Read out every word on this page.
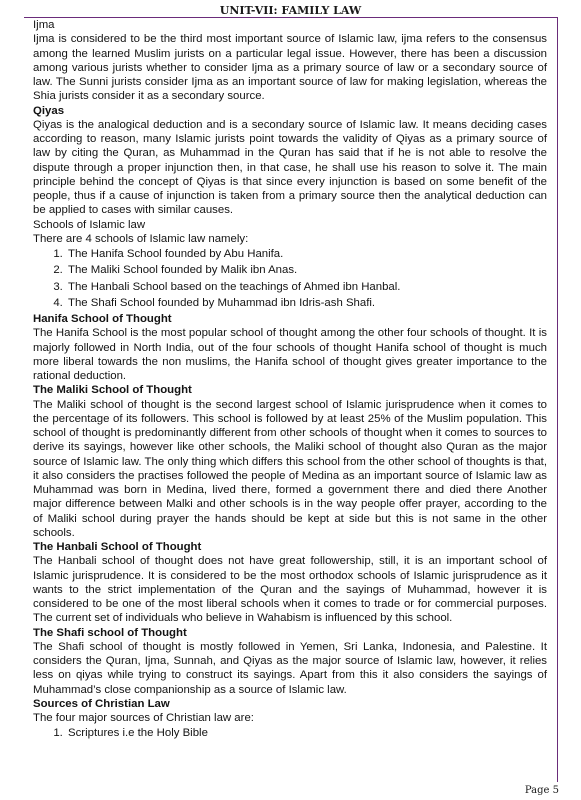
UNIT-VII: FAMILY LAW
Ijma

Ijma is considered to be the third most important source of Islamic law, ijma refers to the consensus among the learned Muslim jurists on a particular legal issue. However, there has been a discussion among various jurists whether to consider Ijma as a primary source of law or a secondary source of law. The Sunni jurists consider Ijma as an important source of law for making legislation, whereas the Shia jurists consider it as a secondary source.

Qiyas

Qiyas is the analogical deduction and is a secondary source of Islamic law. It means deciding cases according to reason, many Islamic jurists point towards the validity of Qiyas as a primary source of law by citing the Quran, as Muhammad in the Quran has said that if he is not able to resolve the dispute through a proper injunction then, in that case, he shall use his reason to solve it. The main principle behind the concept of Qiyas is that since every injunction is based on some benefit of the people, thus if a cause of injunction is taken from a primary source then the analytical deduction can be applied to cases with similar causes.

Schools of Islamic law
There are 4 schools of Islamic law namely:
1. The Hanifa School founded by Abu Hanifa.
2. The Maliki School founded by Malik ibn Anas.
3. The Hanbali School based on the teachings of Ahmed ibn Hanbal.
4. The Shafi School founded by Muhammad ibn Idris-ash Shafi.
Hanifa School of Thought

The Hanifa School is the most popular school of thought among the other four schools of thought. It is majorly followed in North India, out of the four schools of thought Hanifa school of thought is much more liberal towards the non muslims, the Hanifa school of thought gives greater importance to the rational deduction.

The Maliki School of Thought

The Maliki school of thought is the second largest school of Islamic jurisprudence when it comes to the percentage of its followers. This school is followed by at least 25% of the Muslim population. This school of thought is predominantly different from other schools of thought when it comes to sources to derive its sayings, however like other schools, the Maliki school of thought also Quran as the major source of Islamic law. The only thing which differs this school from the other school of thoughts is that, it also considers the practises followed the people of Medina as an important source of Islamic law as Muhammad was born in Medina, lived there, formed a government there and died there Another major difference between Malki and other schools is in the way people offer prayer, according to the of Maliki school during prayer the hands should be kept at side but this is not same in the other schools.

The Hanbali School of Thought

The Hanbali school of thought does not have great followership, still, it is an important school of Islamic jurisprudence. It is considered to be the most orthodox schools of Islamic jurisprudence as it wants to the strict implementation of the Quran and the sayings of Muhammad, however it is considered to be one of the most liberal schools when it comes to trade or for commercial purposes. The current set of individuals who believe in Wahabism is influenced by this school.

The Shafi school of Thought

The Shafi school of thought is mostly followed in Yemen, Sri Lanka, Indonesia, and Palestine. It considers the Quran, Ijma, Sunnah, and Qiyas as the major source of Islamic law, however, it relies less on qiyas while trying to construct its sayings. Apart from this it also considers the sayings of Muhammad’s close companionship as a source of Islamic law.

Sources of Christian Law
The four major sources of Christian law are:
1. Scriptures i.e the Holy Bible
Page 5
